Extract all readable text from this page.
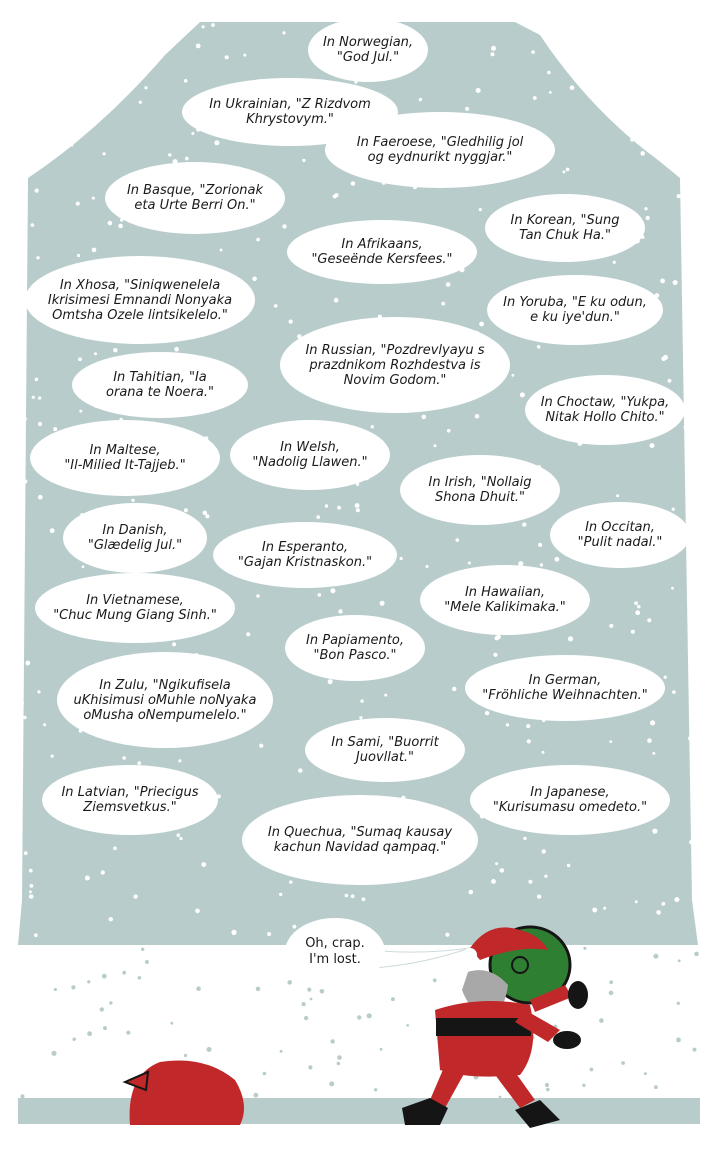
In Norwegian,
"God Jul."
In Ukrainian, "Z Rizdvom
Khrystovym."
In Faeroese, "Gledhilig jol
og eydnurikt nyggjar."
In Basque, "Zorionak
eta Urte Berri On."
In Korean, "Sung
Tan Chuk Ha."
In Afrikaans,
"Geseënde Kersfees."
In Xhosa, "Siniqwenelela
Ikrisimesi Emnandi Nonyaka
Omtsha Ozele lintsikelelo."
In Yoruba, "E ku odun,
e ku iye'dun."
In Russian, "Pozdrevlyayu s
prazdnikom Rozhdestva is
Novim Godom."
In Tahitian, "Ia
orana te Noera."
In Choctaw, "Yukpa,
Nitak Hollo Chito."
In Maltese,
"Il-Milied It-Tajjeb."
In Welsh,
"Nadolig Llawen."
In Irish, "Nollaig
Shona Dhuit."
In Danish,
"Glædelig Jul."	In Esperanto,
"Gajan Kristnaskon."
In Occitan,
"Pulit nadal."
In Vietnamese,
"Chuc Mung Giang Sinh."
In Hawaiian,
"Mele Kalikimaka."
In Papiamento,
"Bon Pasco."
In Zulu, "Ngikufisela
uKhisimusi oMuhle noNyaka
oMusha oNempumelelo."
In German,
"Fröhliche Weihnachten."
In Sami, "Buorrit
Juovllat."
In Latvian, "Priecigus
Ziemsvetkus."
In Japanese,
"Kurisumasu omedeto."
In Quechua, "Sumaq kausay
kachun Navidad qampaq."
Oh, crap.
I'm lost.
